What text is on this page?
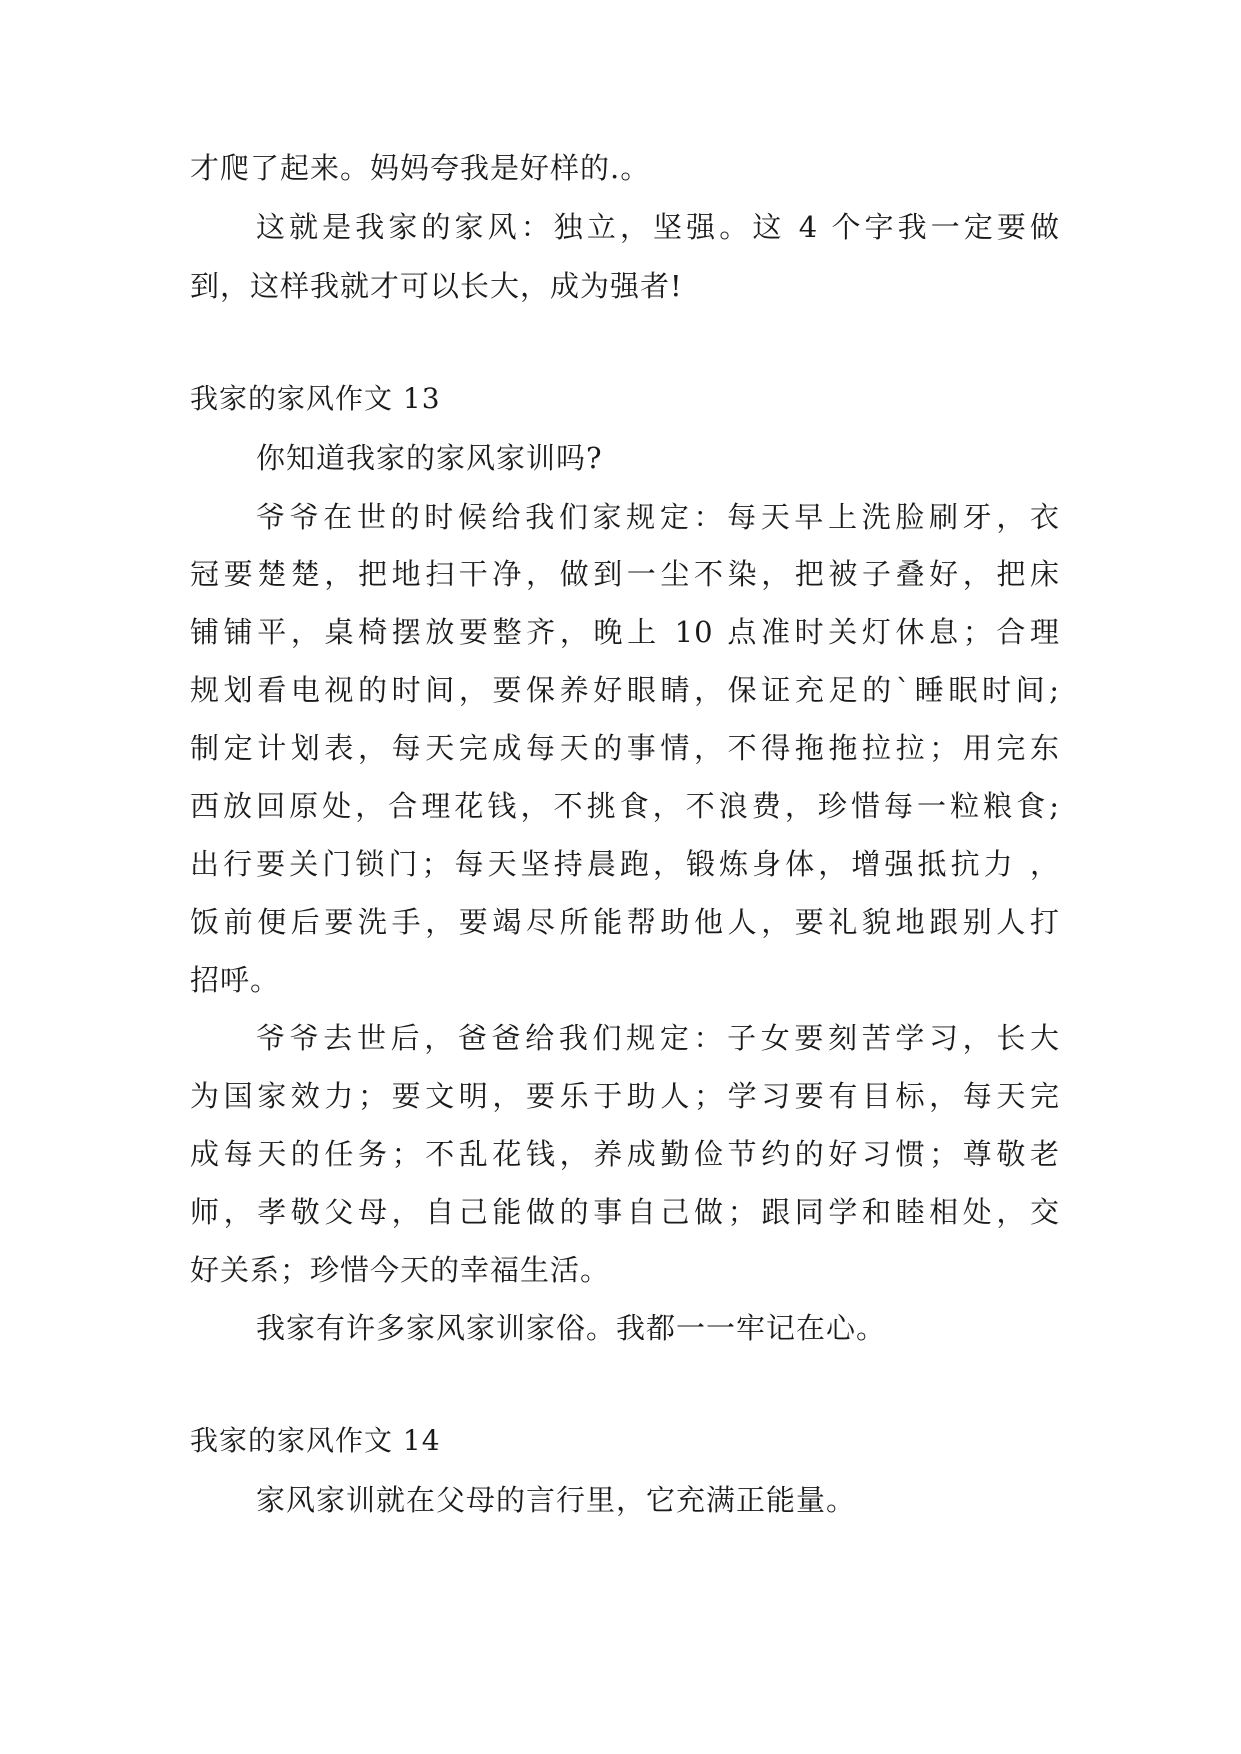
才爬了起来。妈妈夸我是好样的.。
这就是我家的家风：独立，坚强。这 4 个字我一定要做
到，这样我就才可以长大，成为强者!
我家的家风作文 13
你知道我家的家风家训吗?
爷爷在世的时候给我们家规定：每天早上洗脸刷牙，衣
冠要楚楚，把地扫干净，做到一尘不染，把被子叠好，把床
铺铺平，桌椅摆放要整齐，晚上 10 点准时关灯休息；合理
规划看电视的时间，要保养好眼睛，保证充足的`睡眠时间;
制定计划表，每天完成每天的事情，不得拖拖拉拉；用完东
西放回原处，合理花钱，不挑食，不浪费，珍惜每一粒粮食;
出行要关门锁门；每天坚持晨跑，锻炼身体，增强抵抗力 ，
饭前便后要洗手，要竭尽所能帮助他人，要礼貌地跟别人打
招呼。
爷爷去世后，爸爸给我们规定：子女要刻苦学习，长大
为国家效力；要文明，要乐于助人；学习要有目标，每天完
成每天的任务；不乱花钱，养成勤俭节约的好习惯；尊敬老
师，孝敬父母，自己能做的事自己做；跟同学和睦相处，交
好关系；珍惜今天的幸福生活。
我家有许多家风家训家俗。我都一一牢记在心。
我家的家风作文 14
家风家训就在父母的言行里，它充满正能量。
